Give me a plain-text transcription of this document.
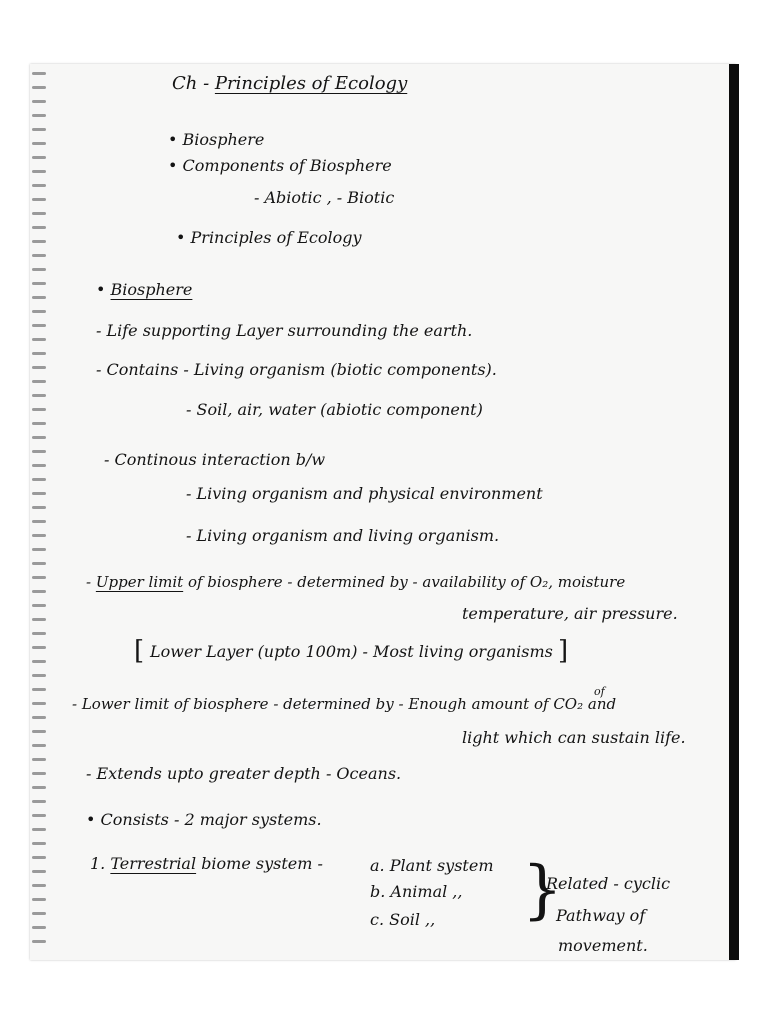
Ch - Principles of Ecology
• Biosphere
• Components of Biosphere
- Abiotic , - Biotic
• Principles of Ecology
• Biosphere
- Life supporting Layer surrounding the earth.
- Contains - Living organism (biotic components).
- Soil, air, water (abiotic component)
- Continous interaction b/w
- Living organism and physical environment
- Living organism and living organism.
- Upper limit of biosphere - determined by - availability of O₂, moisture
temperature, air pressure.
[ Lower Layer (upto 100m) - Most living organisms ]
of
- Lower limit of biosphere - determined by - Enough amount of CO₂ and
light which can sustain life.
- Extends upto greater depth - Oceans.
• Consists - 2 major systems.
1. Terrestrial biome system -	a. Plant system
b. Animal ,,
c. Soil ,, }
Related - cyclic
Pathway of
movement.
